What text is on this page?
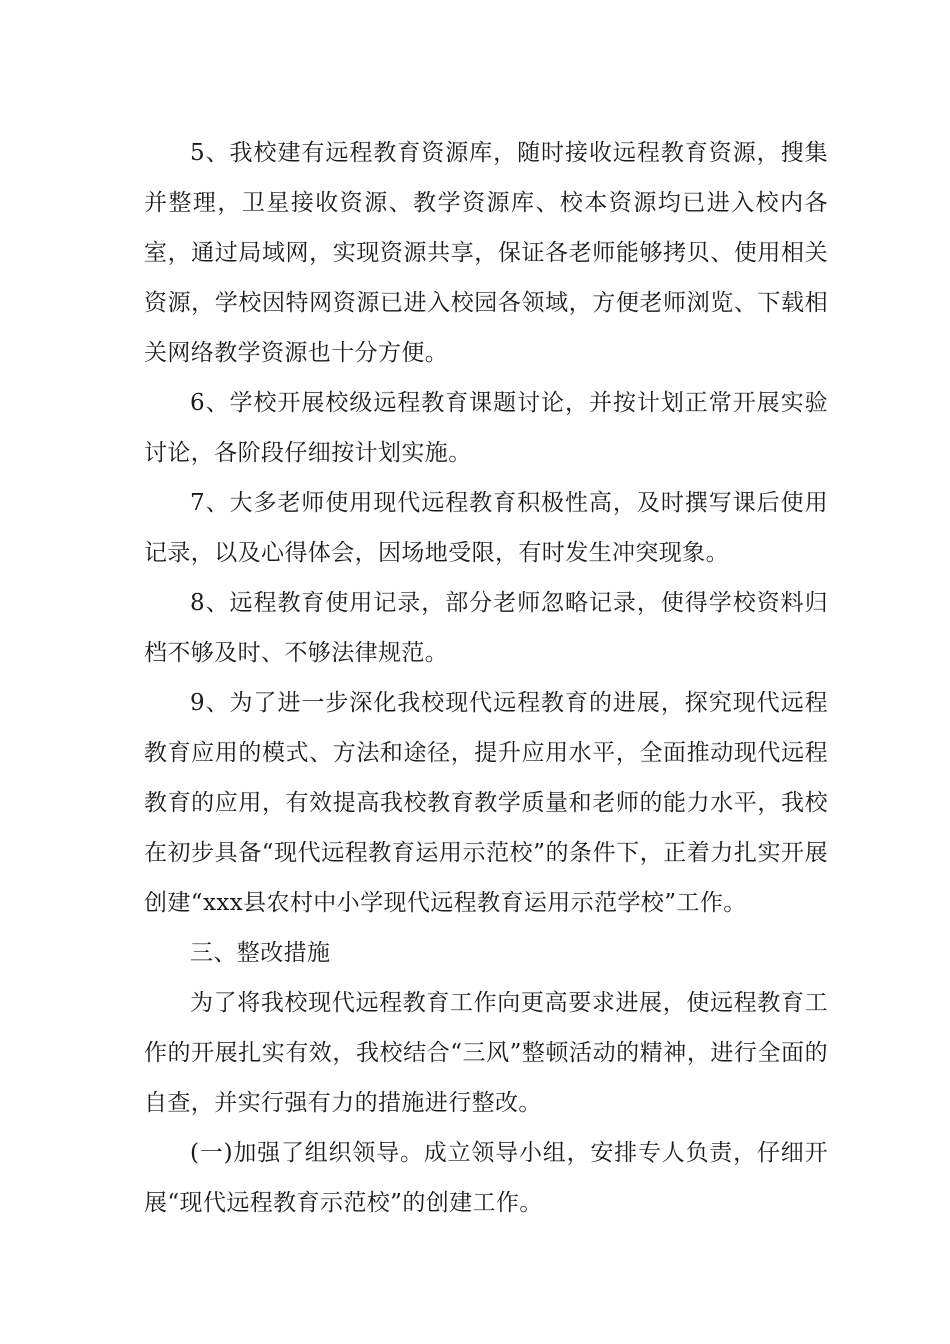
5、我校建有远程教育资源库，随时接收远程教育资源，搜集并整理，卫星接收资源、教学资源库、校本资源均已进入校内各室，通过局域网，实现资源共享，保证各老师能够拷贝、使用相关资源，学校因特网资源已进入校园各领域，方便老师浏览、下载相关网络教学资源也十分方便。

6、学校开展校级远程教育课题讨论，并按计划正常开展实验讨论，各阶段仔细按计划实施。

7、大多老师使用现代远程教育积极性高，及时撰写课后使用记录，以及心得体会，因场地受限，有时发生冲突现象。

8、远程教育使用记录，部分老师忽略记录，使得学校资料归档不够及时、不够法律规范。

9、为了进一步深化我校现代远程教育的进展，探究现代远程教育应用的模式、方法和途径，提升应用水平，全面推动现代远程教育的应用，有效提高我校教育教学质量和老师的能力水平，我校在初步具备“现代远程教育运用示范校”的条件下，正着力扎实开展创建“xxx县农村中小学现代远程教育运用示范学校”工作。

三、整改措施

为了将我校现代远程教育工作向更高要求进展，使远程教育工作的开展扎实有效，我校结合“三风”整顿活动的精神，进行全面的自查，并实行强有力的措施进行整改。

(一)加强了组织领导。成立领导小组，安排专人负责，仔细开展“现代远程教育示范校”的创建工作。
